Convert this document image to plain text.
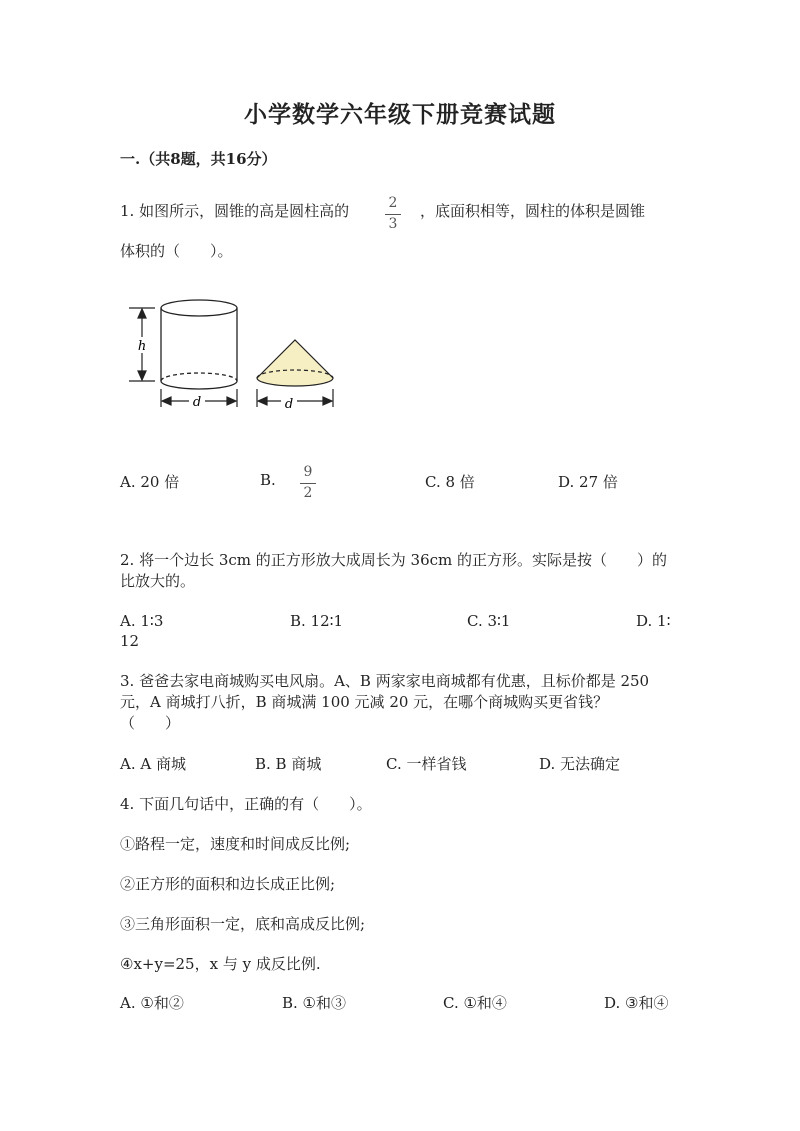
小学数学六年级下册竞赛试题
一.（共8题，共16分）
1. 如图所示，圆锥的高是圆柱高的	2
3
，底面积相等，圆柱的体积是圆锥
体积的（　　）。
h
d	d
A. 20 倍	B.	9
2
C. 8 倍	D. 27 倍
2. 将一个边长 3cm 的正方形放大成周长为 36cm 的正方形。实际是按（　　）的
比放大的。
A. 1∶3	B. 12∶1	C. 3∶1	D. 1∶
12
3. 爸爸去家电商城购买电风扇。A、B 两家家电商城都有优惠，且标价都是 250
元，A 商城打八折，B 商城满 100 元减 20 元，在哪个商城购买更省钱？
（　　）
A. A 商城	B. B 商城	C. 一样省钱	D. 无法确定
4. 下面几句话中，正确的有（　　）。
①路程一定，速度和时间成反比例;
②正方形的面积和边长成正比例;
③三角形面积一定，底和高成反比例;
④x+y=25，x 与 y 成反比例.
A. ①和②	B. ①和③	C. ①和④	D. ③和④
